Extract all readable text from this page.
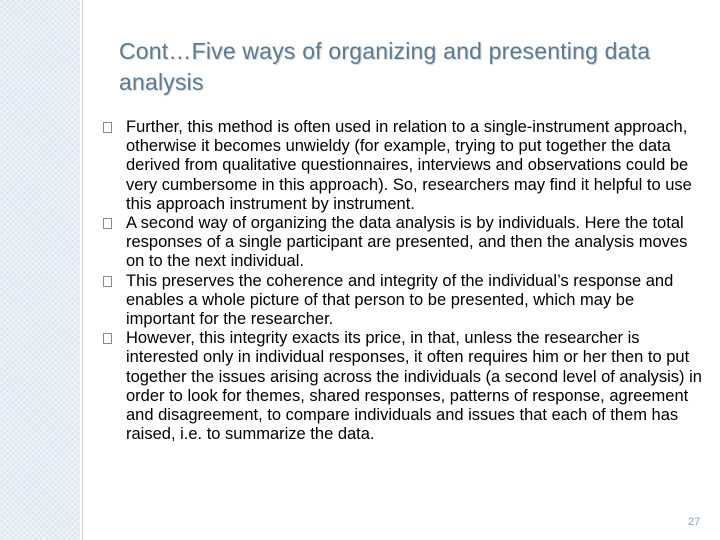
Cont…Five ways of organizing and presenting data analysis
Further, this method is often used in relation to a single-instrument approach, otherwise it becomes unwieldy (for example, trying to put together the data derived from qualitative questionnaires, interviews and observations could be very cumbersome in this approach). So, researchers may find it helpful to use this approach instrument by instrument.
A second way of organizing the data analysis is by individuals. Here the total responses of a single participant are presented, and then the analysis moves on to the next individual.
This preserves the coherence and integrity of the individual’s response and enables a whole picture of that person to be presented, which may be important for the researcher.
However, this integrity exacts its price, in that, unless the researcher is interested only in individual responses, it often requires him or her then to put together the issues arising across the individuals (a second level of analysis) in order to look for themes, shared responses, patterns of response, agreement and disagreement, to compare individuals and issues that each of them has raised, i.e. to summarize the data.
27
